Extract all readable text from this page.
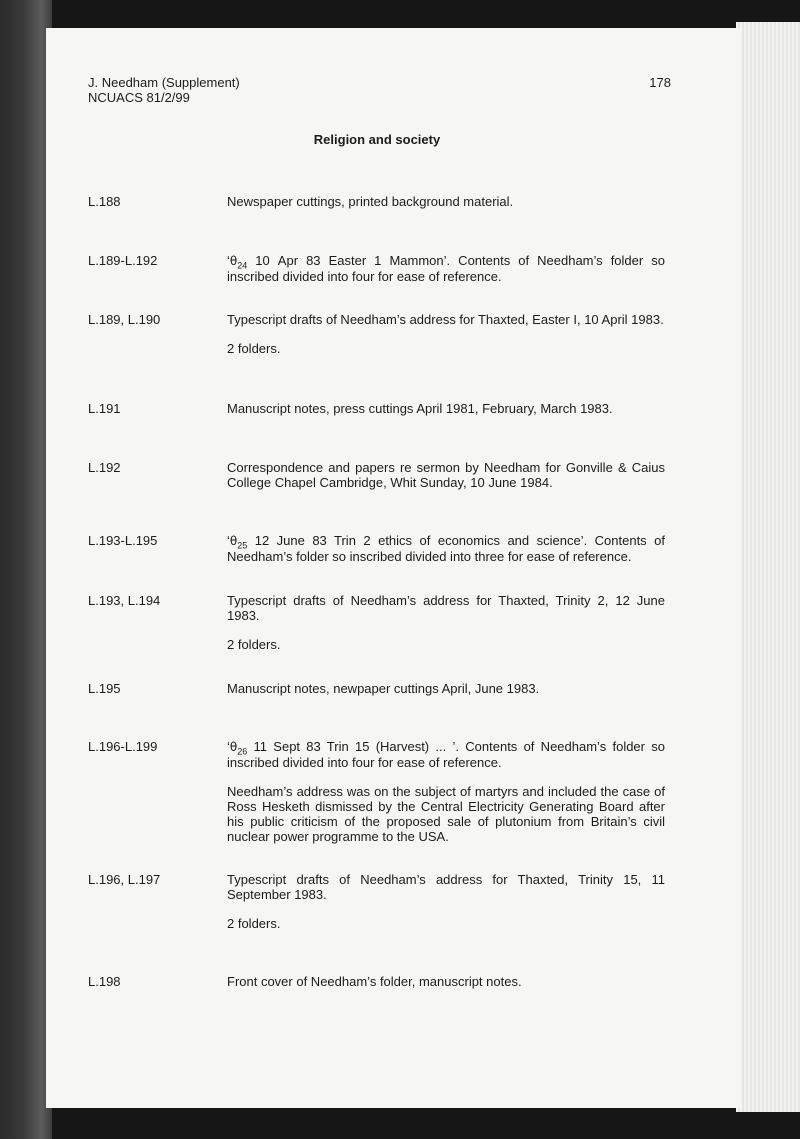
J. Needham (Supplement)
NCUACS 81/2/99
178
Religion and society
L.188	Newspaper cuttings, printed background material.

L.189-L.192	‘$\theta_{24}$ 10 Apr 83 Easter 1 Mammon’. Contents of Needham’s folder so inscribed divided into four for ease of reference.

L.189, L.190	Typescript drafts of Needham’s address for Thaxted, Easter I, 10 April 1983.

2 folders.

L.191	Manuscript notes, press cuttings April 1981, February, March 1983.

L.192	Correspondence and papers re sermon by Needham for Gonville & Caius College Chapel Cambridge, Whit Sunday, 10 June 1984.

L.193-L.195	‘$\theta_{25}$ 12 June 83 Trin 2 ethics of economics and science’. Contents of Needham’s folder so inscribed divided into three for ease of reference.

L.193, L.194	Typescript drafts of Needham’s address for Thaxted, Trinity 2, 12 June 1983.

2 folders.

L.195	Manuscript notes, newpaper cuttings April, June 1983.

L.196-L.199	‘$\theta_{26}$ 11 Sept 83 Trin 15 (Harvest) ... ’. Contents of Needham’s folder so inscribed divided into four for ease of reference.

Needham’s address was on the subject of martyrs and included the case of Ross Hesketh dismissed by the Central Electricity Generating Board after his public criticism of the proposed sale of plutonium from Britain’s civil nuclear power programme to the USA.

L.196, L.197	Typescript drafts of Needham’s address for Thaxted, Trinity 15, 11 September 1983.

2 folders.

L.198	Front cover of Needham’s folder, manuscript notes.
